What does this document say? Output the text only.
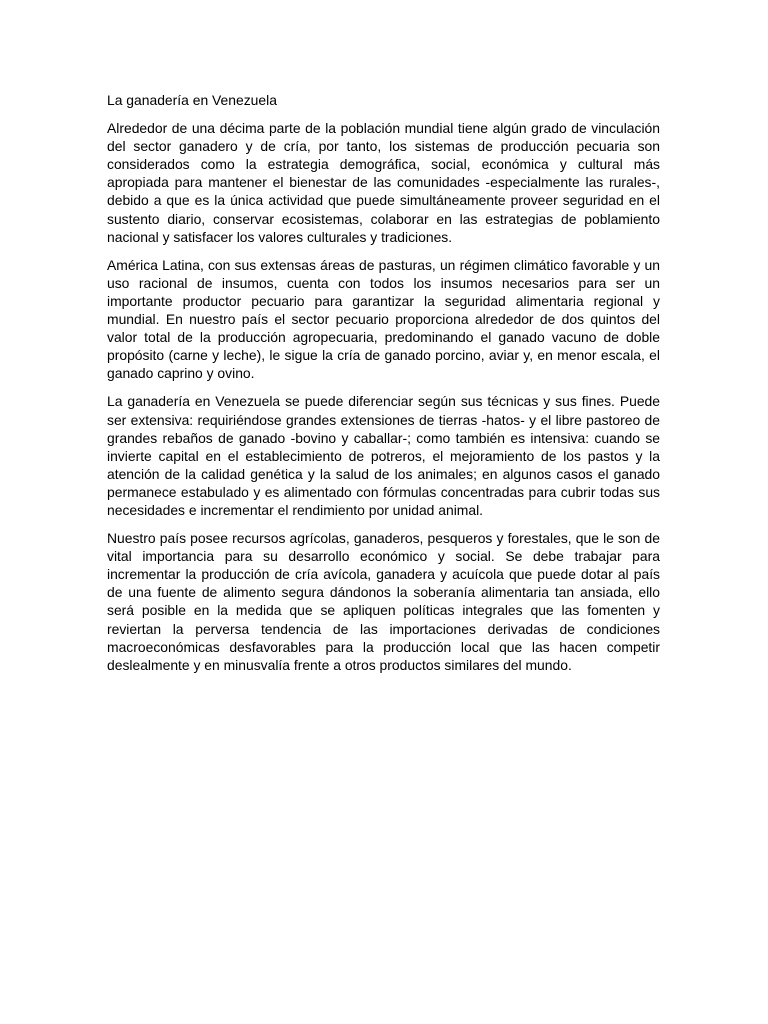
La ganadería en Venezuela

Alrededor de una décima parte de la población mundial tiene algún grado de vinculación del sector ganadero y de cría, por tanto, los sistemas de producción pecuaria son considerados como la estrategia demográfica, social, económica y cultural más apropiada para mantener el bienestar de las comunidades -especialmente las rurales-, debido a que es la única actividad que puede simultáneamente proveer seguridad en el sustento diario, conservar ecosistemas, colaborar en las estrategias de poblamiento nacional y satisfacer los valores culturales y tradiciones.

América Latina, con sus extensas áreas de pasturas, un régimen climático favorable y un uso racional de insumos, cuenta con todos los insumos necesarios para ser un importante productor pecuario para garantizar la seguridad alimentaria regional y mundial. En nuestro país el sector pecuario proporciona alrededor de dos quintos del valor total de la producción agropecuaria, predominando el ganado vacuno de doble propósito (carne y leche), le sigue la cría de ganado porcino, aviar y, en menor escala, el ganado caprino y ovino.

La ganadería en Venezuela se puede diferenciar según sus técnicas y sus fines. Puede ser extensiva: requiriéndose grandes extensiones de tierras -hatos- y el libre pastoreo de grandes rebaños de ganado -bovino y caballar-; como también es intensiva: cuando se invierte capital en el establecimiento de potreros, el mejoramiento de los pastos y la atención de la calidad genética y la salud de los animales; en algunos casos el ganado permanece estabulado y es alimentado con fórmulas concentradas para cubrir todas sus necesidades e incrementar el rendimiento por unidad animal.

Nuestro país posee recursos agrícolas, ganaderos, pesqueros y forestales, que le son de vital importancia para su desarrollo económico y social. Se debe trabajar para incrementar la producción de cría avícola, ganadera y acuícola que puede dotar al país de una fuente de alimento segura dándonos la soberanía alimentaria tan ansiada, ello será posible en la medida que se apliquen políticas integrales que las fomenten y reviertan la perversa tendencia de las importaciones derivadas de condiciones macroeconómicas desfavorables para la producción local que las hacen competir deslealmente y en minusvalía frente a otros productos similares del mundo.
